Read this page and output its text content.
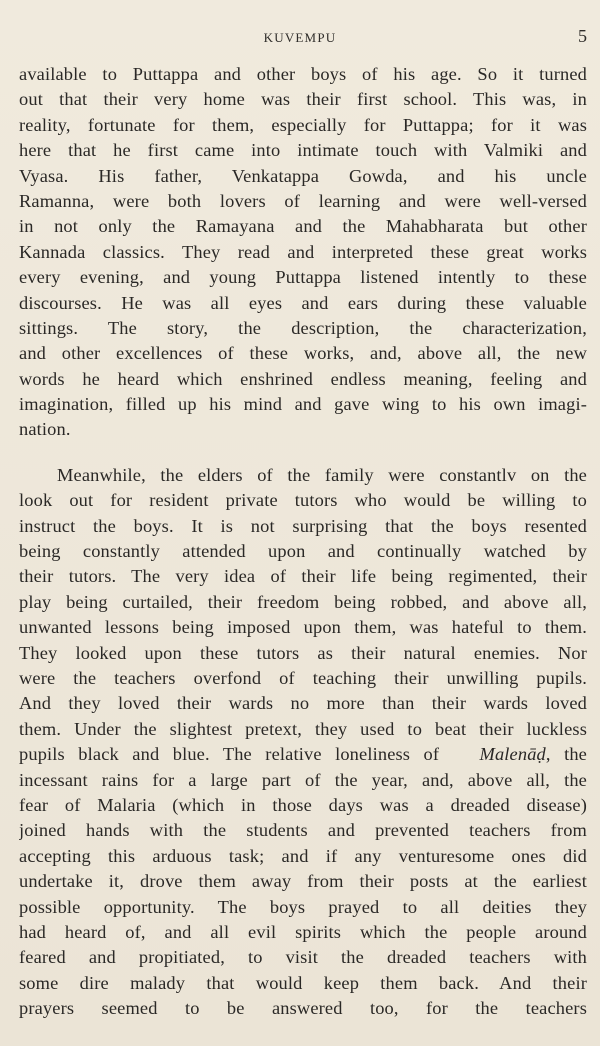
KUVEMPU	5
available to Puttappa and other boys of his age. So it turned
out that their very home was their first school. This was, in
reality, fortunate for them, especially for Puttappa; for it was
here that he first came into intimate touch with Valmiki and
Vyasa. His father, Venkatappa Gowda, and his uncle
Ramanna, were both lovers of learning and were well-versed
in not only the Ramayana and the Mahabharata but other
Kannada classics. They read and interpreted these great works
every evening, and young Puttappa listened intently to these
discourses. He was all eyes and ears during these valuable
sittings. The story, the description, the characterization,
and other excellences of these works, and, above all, the new
words he heard which enshrined endless meaning, feeling and
imagination, filled up his mind and gave wing to his own imagi-
nation.
Meanwhile, the elders of the family were constantlv on the
look out for resident private tutors who would be willing to
instruct the boys. It is not surprising that the boys resented
being constantly attended upon and continually watched by
their tutors. The very idea of their life being regimented, their
play being curtailed, their freedom being robbed, and above all,
unwanted lessons being imposed upon them, was hateful to them.
They looked upon these tutors as their natural enemies. Nor
were the teachers overfond of teaching their unwilling pupils.
And they loved their wards no more than their wards loved
them. Under the slightest pretext, they used to beat their luckless
pupils black and blue. The relative loneliness of Malenāḍ, the
incessant rains for a large part of the year, and, above all, the
fear of Malaria (which in those days was a dreaded disease)
joined hands with the students and prevented teachers from
accepting this arduous task; and if any venturesome ones did
undertake it, drove them away from their posts at the earliest
possible opportunity. The boys prayed to all deities they
had heard of, and all evil spirits which the people around
feared and propitiated, to visit the dreaded teachers with
some dire malady that would keep them back. And their
prayers seemed to be answered too, for the teachers
